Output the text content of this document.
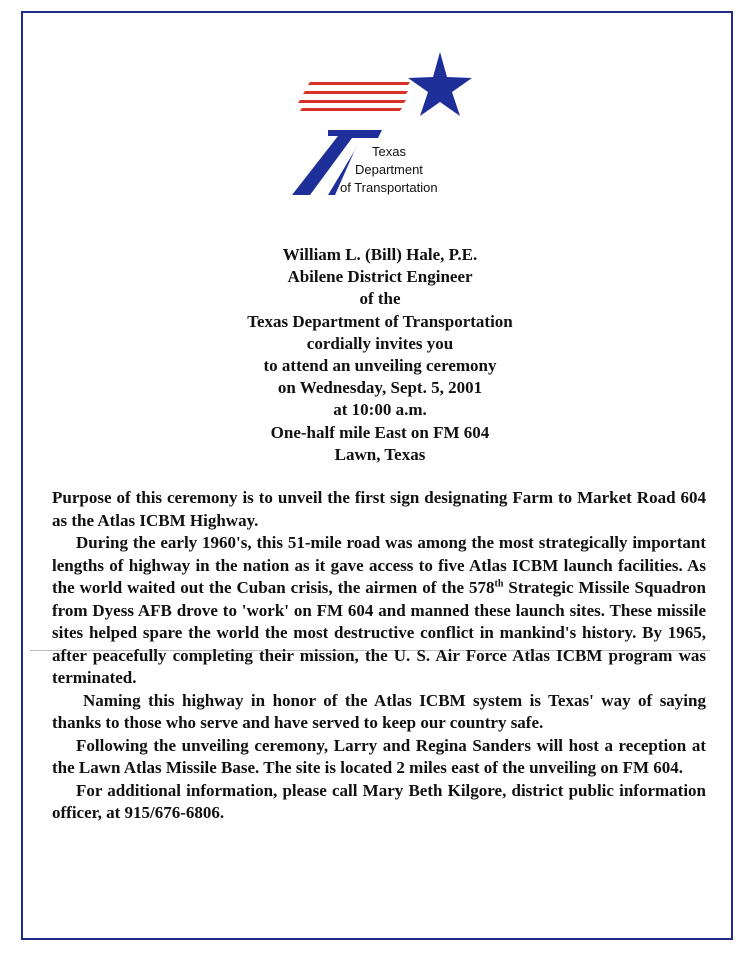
Texas
Department
of Transportation
William L. (Bill) Hale, P.E.
Abilene District Engineer
of the
Texas Department of Transportation
cordially invites you
to attend an unveiling ceremony
on Wednesday, Sept. 5, 2001
at 10:00 a.m.
One-half mile East on FM 604
Lawn, Texas

Purpose of this ceremony is to unveil the first sign designating Farm to Market Road 604 as the Atlas ICBM Highway.

During the early 1960's, this 51-mile road was among the most strategically important lengths of highway in the nation as it gave access to five Atlas ICBM launch facilities. As the world waited out the Cuban crisis, the airmen of the 578th Strategic Missile Squadron from Dyess AFB drove to 'work' on FM 604 and manned these launch sites. These missile sites helped spare the world the most destructive conflict in mankind's history. By 1965, after peacefully completing their mission, the U. S. Air Force Atlas ICBM program was terminated.

Naming this highway in honor of the Atlas ICBM system is Texas' way of saying thanks to those who serve and have served to keep our country safe.

Following the unveiling ceremony, Larry and Regina Sanders will host a reception at the Lawn Atlas Missile Base. The site is located 2 miles east of the unveiling on FM 604.

For additional information, please call Mary Beth Kilgore, district public information officer, at 915/676-6806.
